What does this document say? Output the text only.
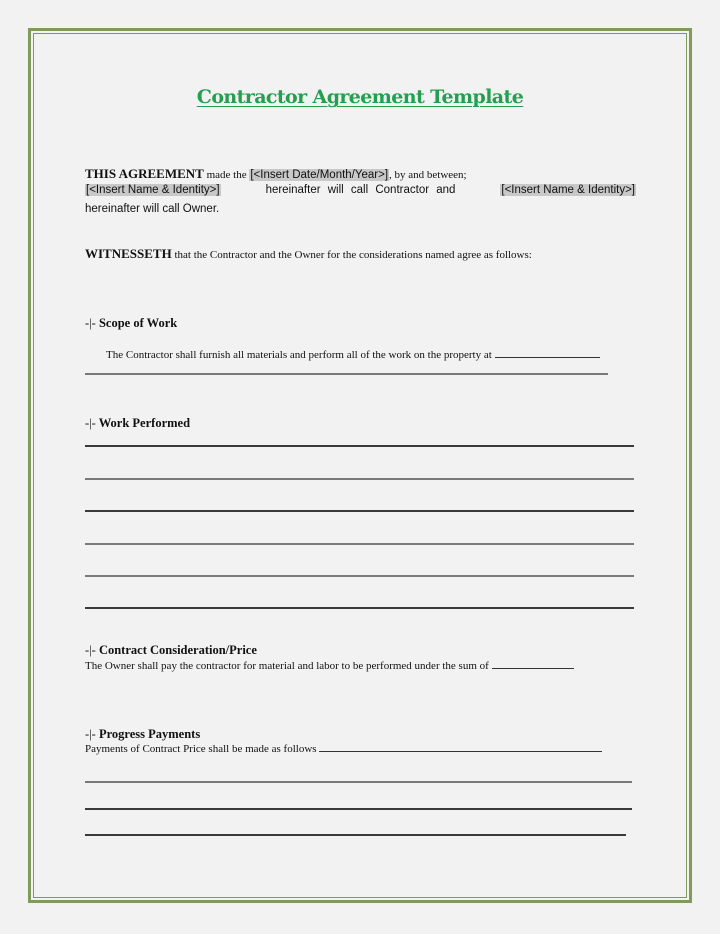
Contractor Agreement Template
THIS AGREEMENT made the [<Insert Date/Month/Year>], by and between;
[<Insert Name & Identity>]	hereinafter will call Contractor and	[<Insert Name & Identity>]
hereinafter will call Owner.
WITNESSETH that the Contractor and the Owner for the considerations named agree as follows:
-|- Scope of Work
The Contractor shall furnish all materials and perform all of the work on the property at
-|- Work Performed
-|- Contract Consideration/Price
The Owner shall pay the contractor for material and labor to be performed under the sum of
-|- Progress Payments
Payments of Contract Price shall be made as follows
